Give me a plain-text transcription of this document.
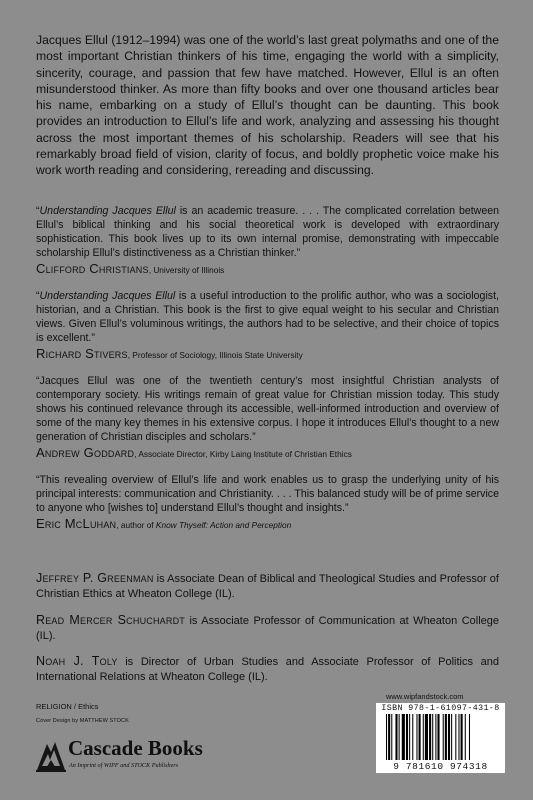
Jacques Ellul (1912–1994) was one of the world’s last great polymaths and one of the most important Christian thinkers of his time, engaging the world with a simplicity, sincerity, courage, and passion that few have matched. However, Ellul is an often misunderstood thinker. As more than fifty books and over one thousand articles bear his name, embarking on a study of Ellul’s thought can be daunting. This book provides an introduction to Ellul’s life and work, analyzing and assessing his thought across the most important themes of his scholarship. Readers will see that his remarkably broad field of vision, clarity of focus, and boldly prophetic voice make his work worth reading and considering, rereading and discussing.

“Understanding Jacques Ellul is an academic treasure. . . . The complicated correlation between Ellul’s biblical thinking and his social theoretical work is developed with extraordinary sophistication. This book lives up to its own internal promise, demonstrating with impeccable scholarship Ellul’s distinctiveness as a Christian thinker.”

Clifford Christians, University of Illinois

“Understanding Jacques Ellul is a useful introduction to the prolific author, who was a sociologist, historian, and a Christian. This book is the first to give equal weight to his secular and Christian views. Given Ellul’s voluminous writings, the authors had to be selective, and their choice of topics is excellent.”

Richard Stivers, Professor of Sociology, Illinois State University

“Jacques Ellul was one of the twentieth century’s most insightful Christian analysts of contemporary society. His writings remain of great value for Christian mission today. This study shows his continued relevance through its accessible, well-informed introduction and overview of some of the many key themes in his extensive corpus. I hope it introduces Ellul’s thought to a new generation of Christian disciples and scholars.”

Andrew Goddard, Associate Director, Kirby Laing Institute of Christian Ethics

“This revealing overview of Ellul’s life and work enables us to grasp the underlying unity of his principal interests: communication and Christianity. . . . This balanced study will be of prime service to anyone who [wishes to] understand Ellul’s thought and insights.”

Eric McLuhan, author of Know Thyself: Action and Perception

Jeffrey P. Greenman is Associate Dean of Biblical and Theological Studies and Professor of Christian Ethics at Wheaton College (IL).

Read Mercer Schuchardt is Associate Professor of Communication at Wheaton College (IL).

Noah J. Toly is Director of Urban Studies and Associate Professor of Politics and International Relations at Wheaton College (IL).

RELIGION / Ethics
Cover Design by MATTHEW STOCK
Cascade Books
An Imprint of WIPF and STOCK Publishers
www.wipfandstock.com
ISBN 978-1-61097-431-8
9 781610 974318
